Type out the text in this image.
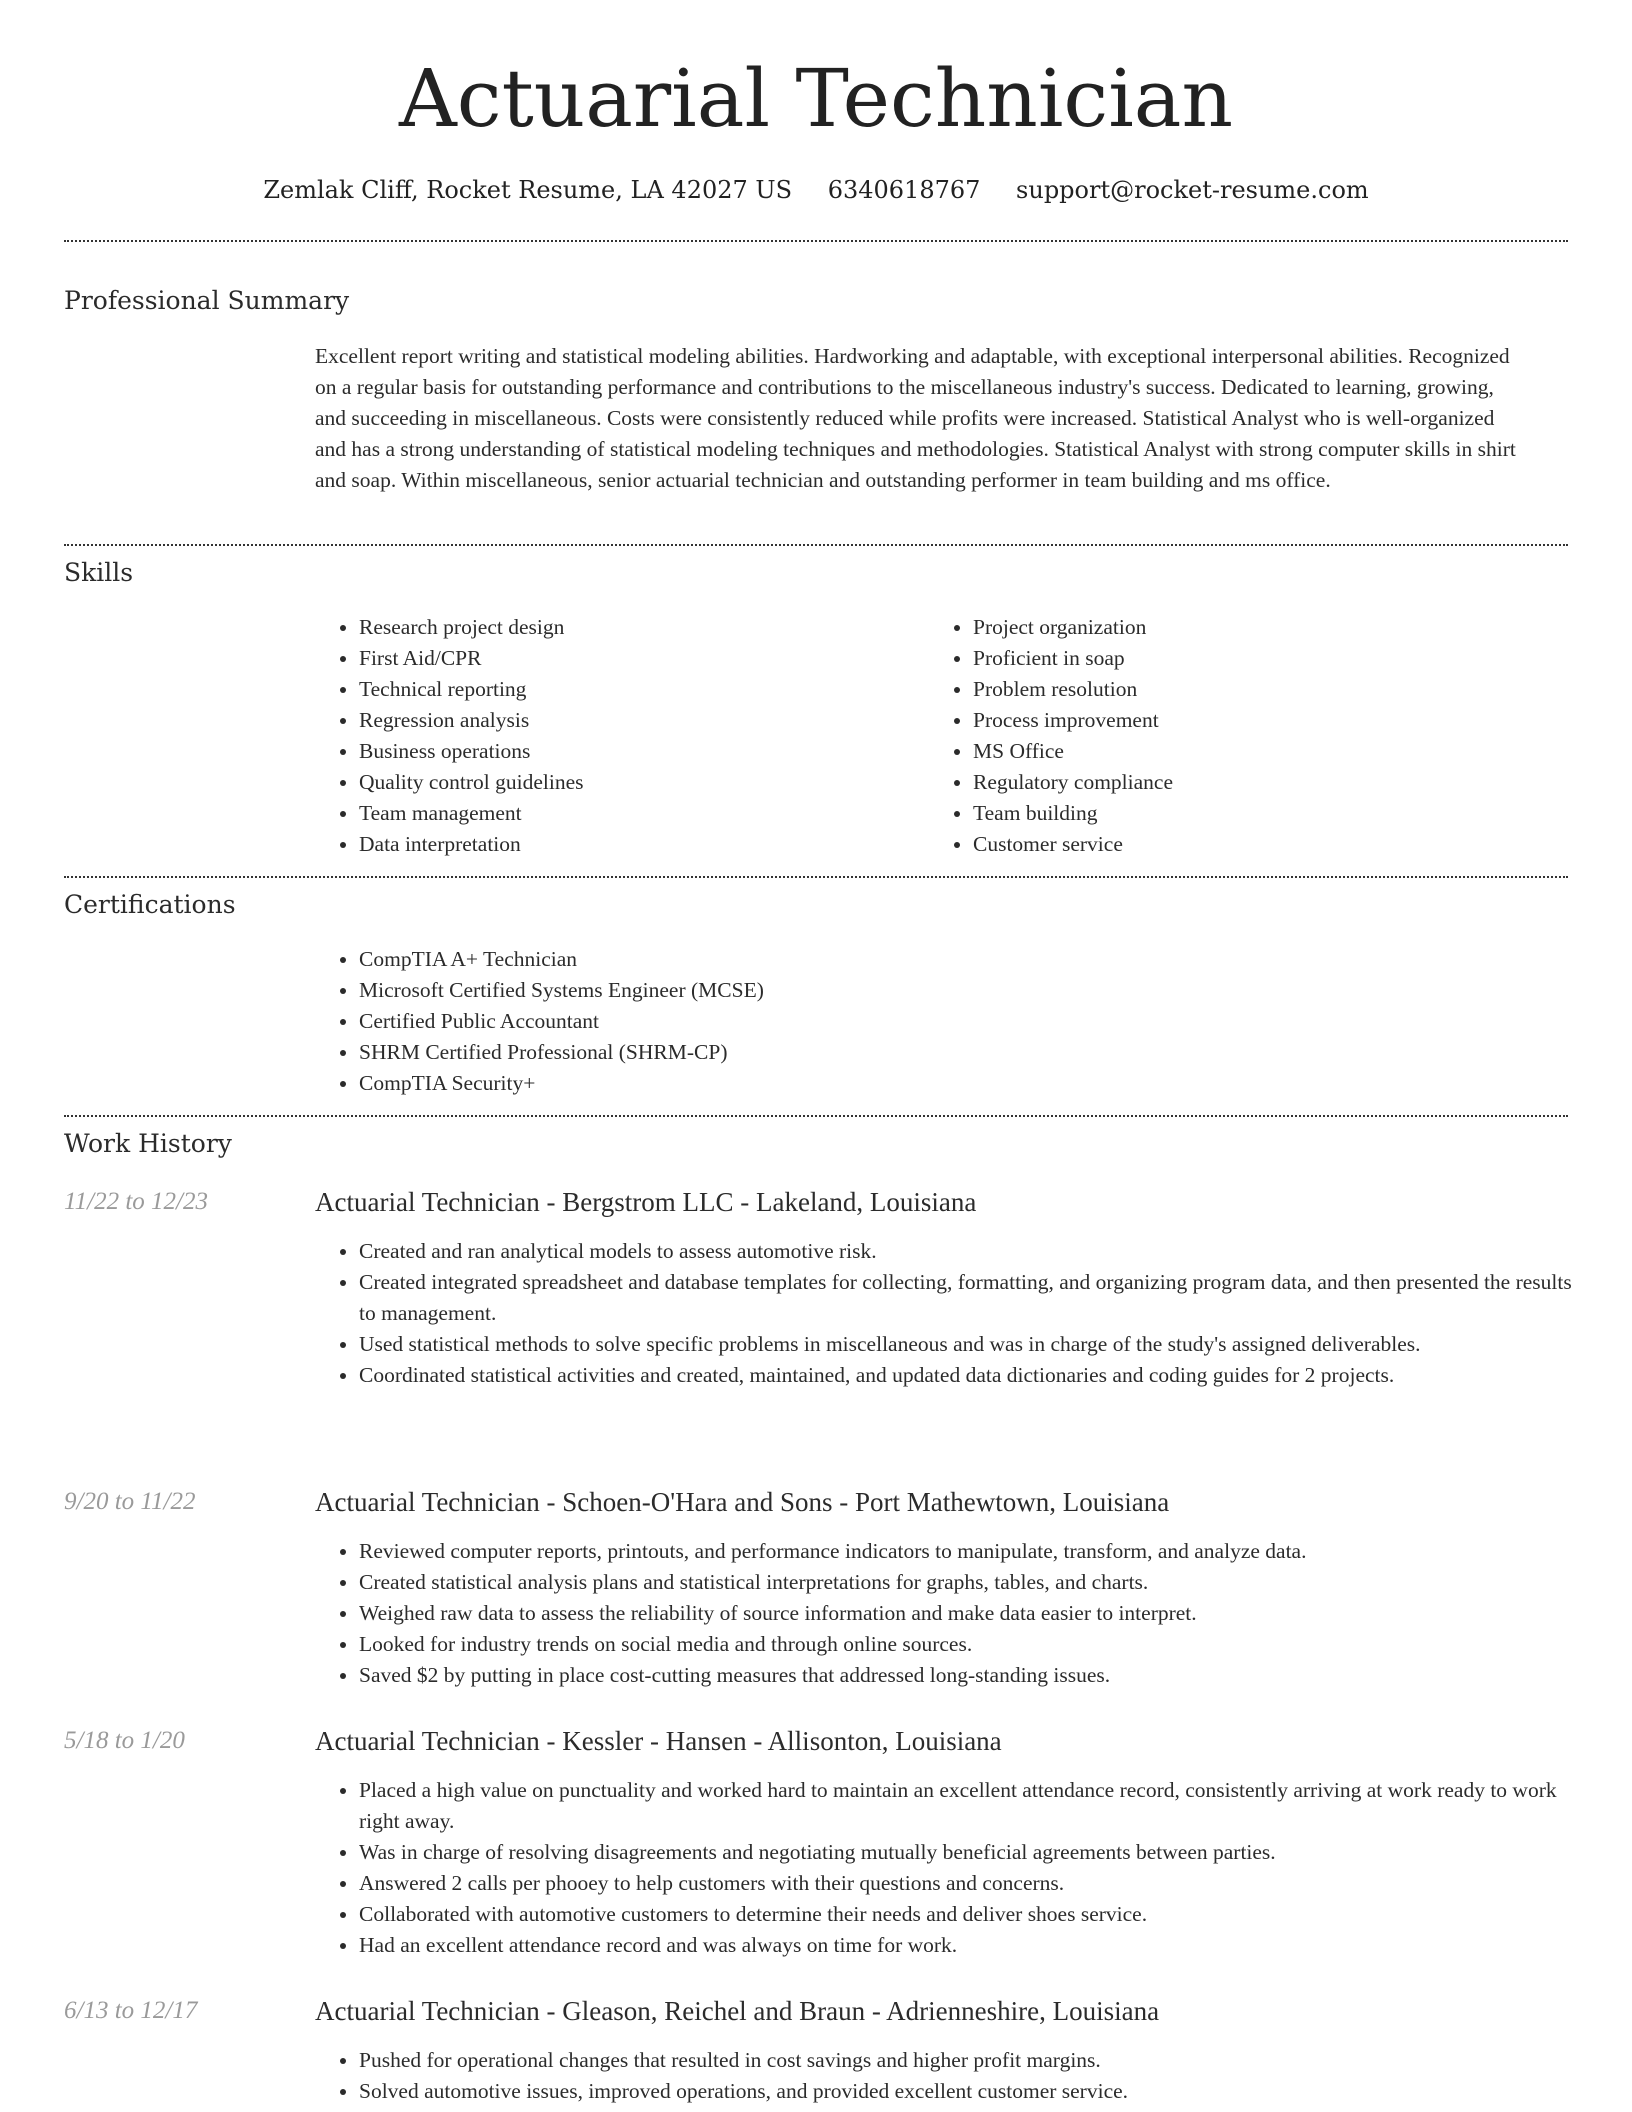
Actuarial Technician
Zemlak Cliff, Rocket Resume, LA 42027 US 6340618767 support@rocket-resume.com
Professional Summary

Excellent report writing and statistical modeling abilities. Hardworking and adaptable, with exceptional interpersonal abilities. Recognized on a regular basis for outstanding performance and contributions to the miscellaneous industry's success. Dedicated to learning, growing, and succeeding in miscellaneous. Costs were consistently reduced while profits were increased. Statistical Analyst who is well-organized and has a strong understanding of statistical modeling techniques and methodologies. Statistical Analyst with strong computer skills in shirt and soap. Within miscellaneous, senior actuarial technician and outstanding performer in team building and ms office.

Skills
• Research project design
• First Aid/CPR
• Technical reporting
• Regression analysis
• Business operations
• Quality control guidelines
• Team management
• Data interpretation
• Project organization
• Proficient in soap
• Problem resolution
• Process improvement
• MS Office
• Regulatory compliance
• Team building
• Customer service
Certifications
• CompTIA A+ Technician
• Microsoft Certified Systems Engineer (MCSE)
• Certified Public Accountant
• SHRM Certified Professional (SHRM-CP)
• CompTIA Security+
Work History
11/22 to 12/23	Actuarial Technician - Bergstrom LLC - Lakeland, Louisiana
• Created and ran analytical models to assess automotive risk.
• Created integrated spreadsheet and database templates for collecting, formatting, and organizing program data, and then presented the results to management.
• Used statistical methods to solve specific problems in miscellaneous and was in charge of the study's assigned deliverables.
• Coordinated statistical activities and created, maintained, and updated data dictionaries and coding guides for 2 projects.
9/20 to 11/22	Actuarial Technician - Schoen-O'Hara and Sons - Port Mathewtown, Louisiana
• Reviewed computer reports, printouts, and performance indicators to manipulate, transform, and analyze data.
• Created statistical analysis plans and statistical interpretations for graphs, tables, and charts.
• Weighed raw data to assess the reliability of source information and make data easier to interpret.
• Looked for industry trends on social media and through online sources.
• Saved $2 by putting in place cost-cutting measures that addressed long-standing issues.
5/18 to 1/20	Actuarial Technician - Kessler - Hansen - Allisonton, Louisiana
• Placed a high value on punctuality and worked hard to maintain an excellent attendance record, consistently arriving at work ready to work right away.
• Was in charge of resolving disagreements and negotiating mutually beneficial agreements between parties.
• Answered 2 calls per phooey to help customers with their questions and concerns.
• Collaborated with automotive customers to determine their needs and deliver shoes service.
• Had an excellent attendance record and was always on time for work.
6/13 to 12/17	Actuarial Technician - Gleason, Reichel and Braun - Adrienneshire, Louisiana
• Pushed for operational changes that resulted in cost savings and higher profit margins.
• Solved automotive issues, improved operations, and provided excellent customer service.
